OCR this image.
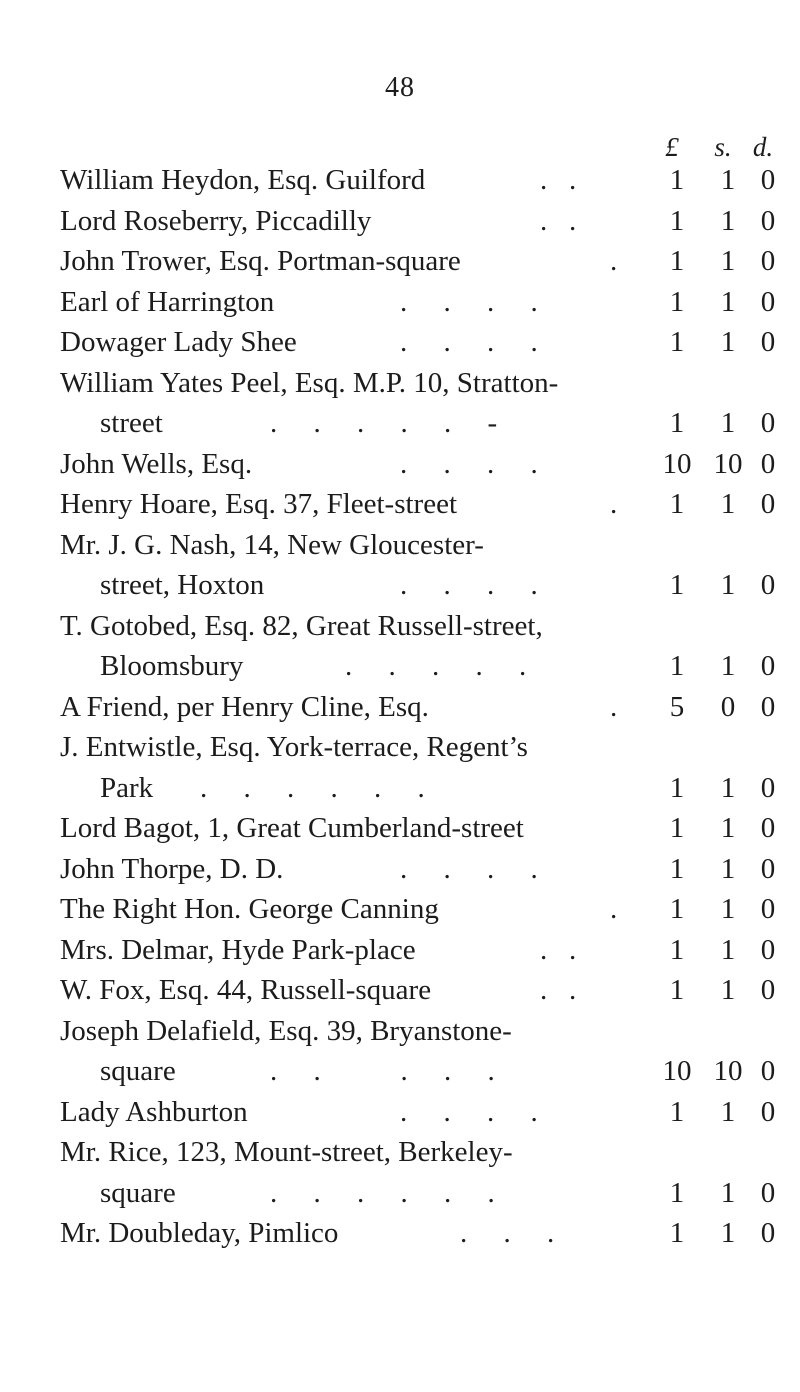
48
£	s. d.
William Heydon, Esq. Guilford	.   .	1	1 0
Lord Roseberry, Piccadilly	.   .	1	1 0
John Trower, Esq. Portman-square	.	1	1 0
Earl of Harrington	.     .     .     .	1	1 0
Dowager Lady Shee	.     .     .     .	1	1 0
William Yates Peel, Esq. M.P. 10, Stratton-
street	.     .     .     .     .     -	1	1 0
John Wells, Esq.	.     .     .     .	10 10 0
Henry Hoare, Esq. 37, Fleet-street	.	1	1 0
Mr. J. G. Nash, 14, New Gloucester-
street, Hoxton	.     .     .     .	1	1 0
T. Gotobed, Esq. 82, Great Russell-street,
Bloomsbury	.     .     .     .     .	1	1 0
A Friend, per Henry Cline, Esq.	.	5	0 0
J. Entwistle, Esq. York-terrace, Regent’s
Park .     .     .     .     .     .	1	1 0
Lord Bagot, 1, Great Cumberland-street	1	1 0
John Thorpe, D. D.	.     .     .     .	1	1 0
The Right Hon. George Canning	.	1	1 0
Mrs. Delmar, Hyde Park-place	.   .	1	1 0
W. Fox, Esq. 44, Russell-square	.   .	1	1 0
Joseph Delafield, Esq. 39, Bryanstone-
square	.     .           .     .     .	10 10 0
Lady Ashburton	.     .     .     .	1	1 0
Mr. Rice, 123, Mount-street, Berkeley-
square	.     .     .     .     .     .	1	1 0
Mr. Doubleday, Pimlico	.     .     .	1	1 0
